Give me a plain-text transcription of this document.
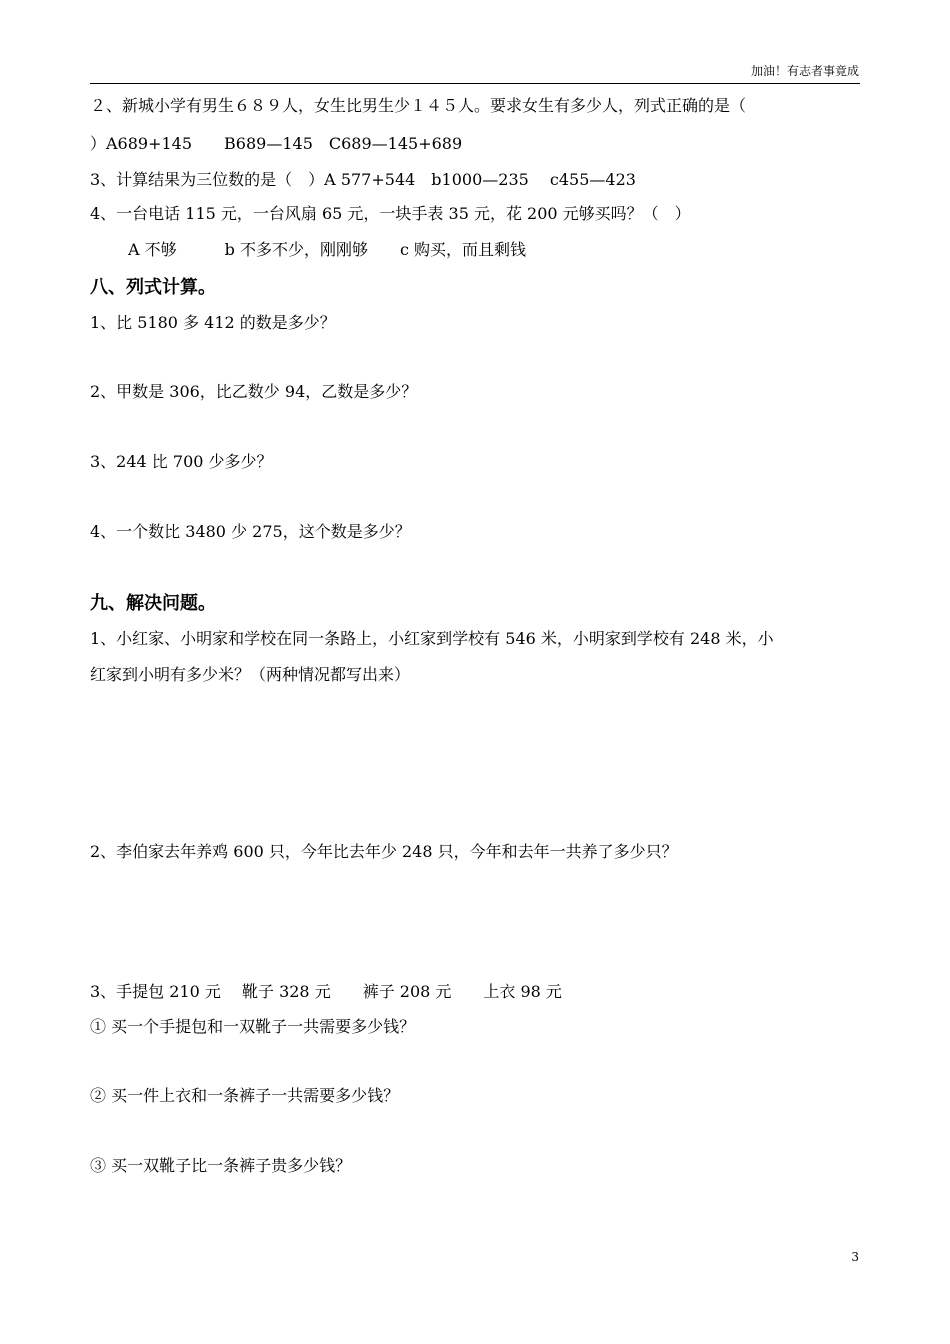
加油！有志者事竟成
２、新城小学有男生６８９人，女生比男生少１４５人。要求女生有多少人，列式正确的是（
）A689+145　　B689—145　C689—145+689
3、计算结果为三位数的是（　）A 577+544　b1000—235　 c455—423
4、一台电话 115 元，一台风扇 65 元，一块手表 35 元，花 200 元够买吗？（　）
A 不够　　　b 不多不少，刚刚够　　c 购买，而且剩钱
八、列式计算。
1、比 5180 多 412 的数是多少？
2、甲数是 306，比乙数少 94，乙数是多少？
3、244 比 700 少多少？
4、一个数比 3480 少 275，这个数是多少？
九、解决问题。
1、小红家、小明家和学校在同一条路上，小红家到学校有 546 米，小明家到学校有 248 米，小
红家到小明有多少米？（两种情况都写出来）
2、李伯家去年养鸡 600 只，今年比去年少 248 只，今年和去年一共养了多少只？
3、手提包 210 元　 靴子 328 元　　裤子 208 元　　上衣 98 元
① 买一个手提包和一双靴子一共需要多少钱？
② 买一件上衣和一条裤子一共需要多少钱？
③ 买一双靴子比一条裤子贵多少钱？
3
